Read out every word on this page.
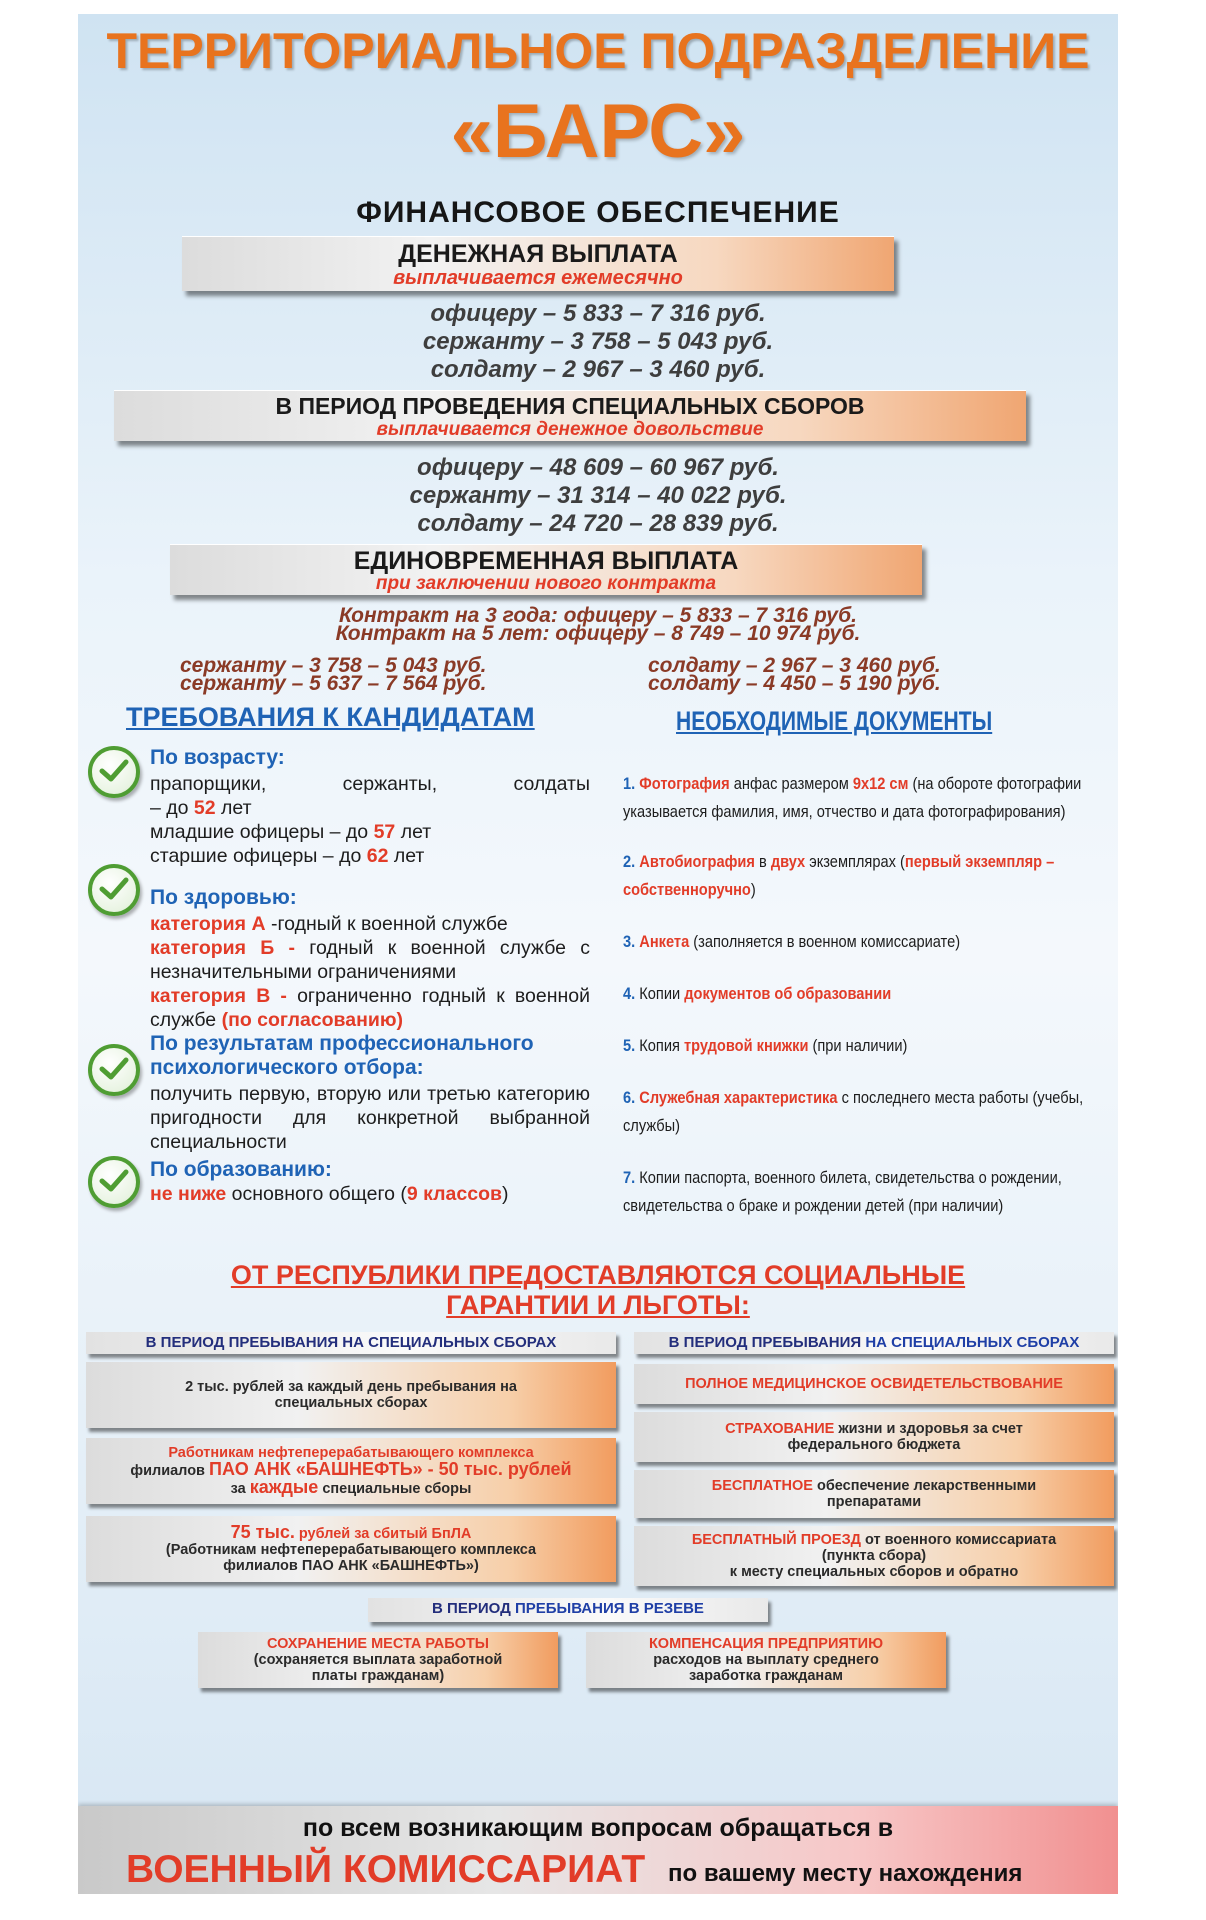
ТЕРРИТОРИАЛЬНОЕ ПОДРАЗДЕЛЕНИЕ
«БАРС»
ФИНАНСОВОЕ ОБЕСПЕЧЕНИЕ
ДЕНЕЖНАЯ ВЫПЛАТА
выплачивается ежемесячно
офицеру – 5 833 – 7 316 руб.
сержанту – 3 758 – 5 043 руб.
солдату – 2 967 – 3 460 руб.
В ПЕРИОД ПРОВЕДЕНИЯ СПЕЦИАЛЬНЫХ СБОРОВ
выплачивается денежное довольствие
офицеру – 48 609 – 60 967 руб.
сержанту – 31 314 – 40 022 руб.
солдату – 24 720 – 28 839 руб.
ЕДИНОВРЕМЕННАЯ ВЫПЛАТА
при заключении нового контракта
Контракт на 3 года: офицеру – 5 833 – 7 316 руб.
Контракт на 5 лет: офицеру – 8 749 – 10 974 руб.
сержанту – 3 758 – 5 043 руб.
сержанту – 5 637 – 7 564 руб.
солдату – 2 967 – 3 460 руб.
солдату – 4 450 – 5 190 руб.
ТРЕБОВАНИЯ К КАНДИДАТАМ	НЕОБХОДИМЫЕ ДОКУМЕНТЫ
По возрасту:
прапорщики, сержанты, солдаты
– до 52 лет
младшие офицеры – до 57 лет
старшие офицеры – до 62 лет
По здоровью:
категория А -годный к военной службе
категория Б - годный к военной службе с незначительными ограничениями
категория В - ограниченно годный к военной службе (по согласованию)
По результатам профессионального психологического отбора:
получить первую, вторую или третью категорию пригодности для конкретной выбранной специальности
По образованию:
не ниже основного общего (9 классов)
1. Фотография анфас размером 9х12 см (на обороте фотографии указывается фамилия, имя, отчество и дата фотографирования)
2. Автобиография в двух экземплярах (первый экземпляр – собственноручно)
3. Анкета (заполняется в военном комиссариате)
4. Копии документов об образовании
5. Копия трудовой книжки (при наличии)
6. Служебная характеристика с последнего места работы (учебы, службы)
7. Копии паспорта, военного билета, свидетельства о рождении, свидетельства о браке и рождении детей (при наличии)
ОТ РЕСПУБЛИКИ ПРЕДОСТАВЛЯЮТСЯ СОЦИАЛЬНЫЕ
ГАРАНТИИ И ЛЬГОТЫ:
В ПЕРИОД ПРЕБЫВАНИЯ НА СПЕЦИАЛЬНЫХ СБОРАХ	В ПЕРИОД ПРЕБЫВАНИЯ НА СПЕЦИАЛЬНЫХ СБОРАХ
2 тыс. рублей за каждый день пребывания на специальных сборах
Работникам нефтеперерабатывающего комплекса
филиалов ПАО АНК «БАШНЕФТЬ» - 50 тыс. рублей
за каждые специальные сборы
75 тыс. рублей за сбитый БпЛА
(Работникам нефтеперерабатывающего комплекса
филиалов ПАО АНК «БАШНЕФТЬ»)
ПОЛНОЕ МЕДИЦИНСКОЕ ОСВИДЕТЕЛЬСТВОВАНИЕ
СТРАХОВАНИЕ жизни и здоровья за счет федерального бюджета
БЕСПЛАТНОЕ обеспечение лекарственными препаратами
БЕСПЛАТНЫЙ ПРОЕЗД от военного комиссариата
(пункта сбора)
к месту специальных сборов и обратно
В ПЕРИОД ПРЕБЫВАНИЯ В РЕЗЕВЕ
СОХРАНЕНИЕ МЕСТА РАБОТЫ
(сохраняется выплата заработной платы гражданам)
КОМПЕНСАЦИЯ ПРЕДПРИЯТИЮ
расходов на выплату среднего заработка гражданам
по всем возникающим вопросам обращаться в
ВОЕННЫЙ КОМИССАРИАТ по вашему месту нахождения
